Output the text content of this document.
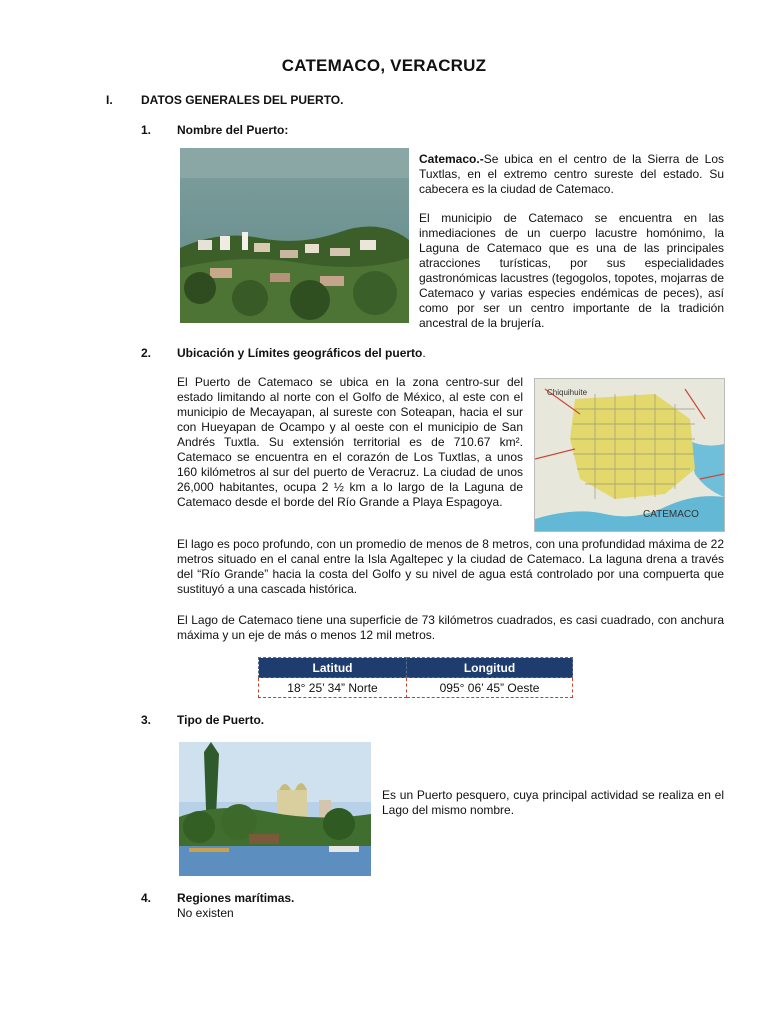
CATEMACO, VERACRUZ
I. DATOS GENERALES DEL PUERTO.
1. Nombre del Puerto:
Catemaco.-Se ubica en el centro de la Sierra de Los Tuxtlas, en el extremo centro sureste del estado. Su cabecera es la ciudad de Catemaco.
El municipio de Catemaco se encuentra en las inmediaciones de un cuerpo lacustre homónimo, la Laguna de Catemaco que es una de las principales atracciones turísticas, por sus especialidades gastronómicas lacustres (tegogolos, topotes, mojarras de Catemaco y varias especies endémicas de peces), así como por ser un centro importante de la tradición ancestral de la brujería.
2. Ubicación y Límites geográficos del puerto.
El Puerto de Catemaco se ubica en la zona centro-sur del estado limitando al norte con el Golfo de México, al este con el municipio de Mecayapan, al sureste con Soteapan, hacia el sur con Hueyapan de Ocampo y al oeste con el municipio de San Andrés Tuxtla. Su extensión territorial es de 710.67 km². Catemaco se encuentra en el corazón de Los Tuxtlas, a unos 160 kilómetros al sur del puerto de Veracruz. La ciudad de unos 26,000 habitantes, ocupa 2 ½ km a lo largo de la Laguna de Catemaco desde el borde del Río Grande a Playa Espagoya.
Chiquihuite
CATEMACO
El lago es poco profundo, con un promedio de menos de 8 metros, con una profundidad máxima de 22 metros situado en el canal entre la Isla Agaltepec y la ciudad de Catemaco. La laguna drena a través del “Río Grande” hacia la costa del Golfo y su nivel de agua está controlado por una compuerta que sustituyó a una cascada histórica.
El Lago de Catemaco tiene una superficie de 73 kilómetros cuadrados, es casi cuadrado, con anchura máxima y un eje de más o menos 12 mil metros.
Latitud	Longitud
18° 25’ 34” Norte	095° 06’ 45” Oeste
3. Tipo de Puerto.
Es un Puerto pesquero, cuya principal actividad se realiza en el Lago del mismo nombre.
4. Regiones marítimas.
No existen
